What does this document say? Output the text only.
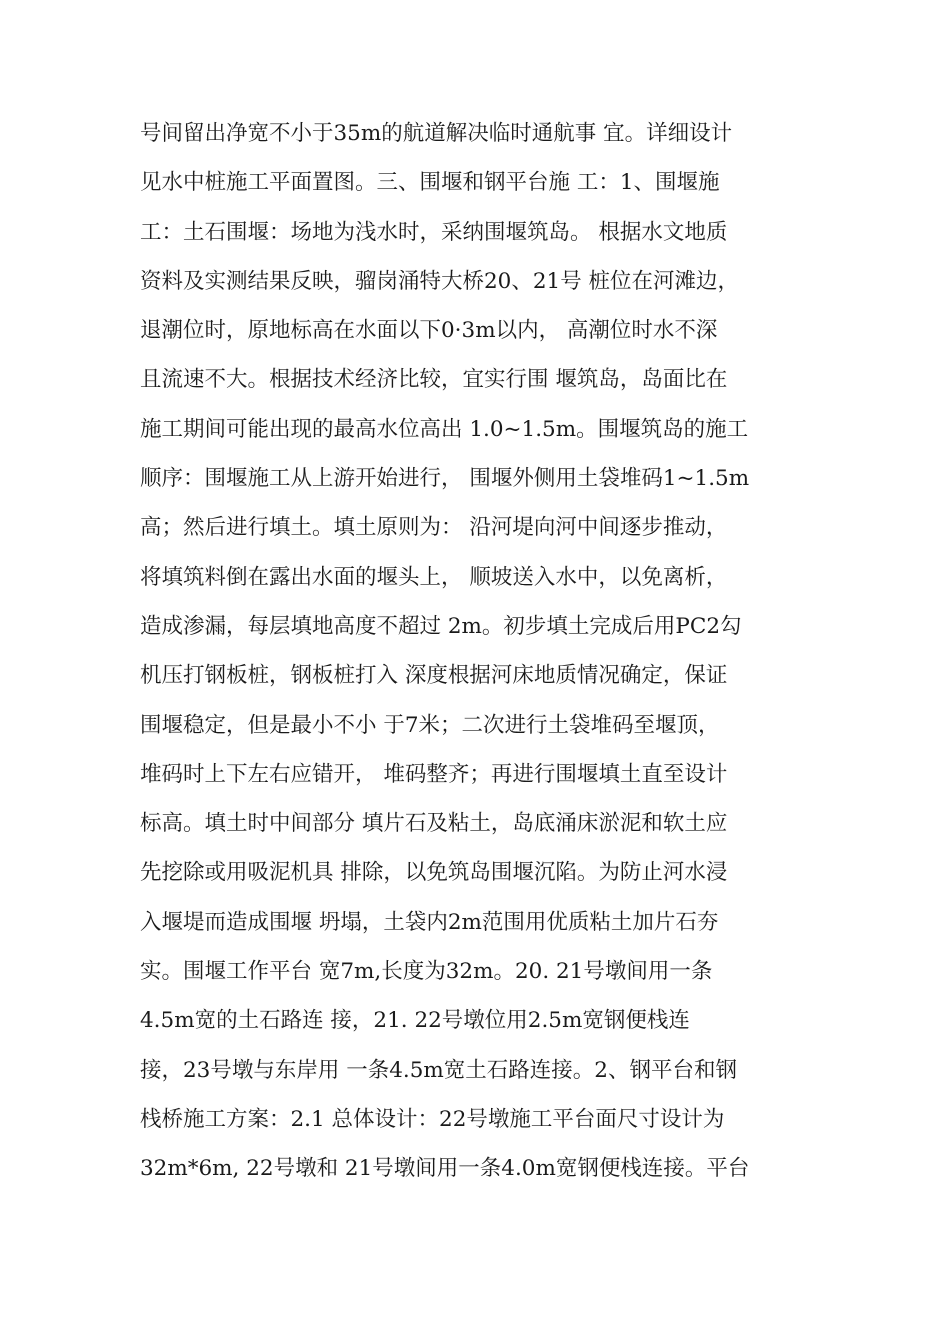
号间留出净宽不小于35m的航道解决临时通航事 宜。详细设计
见水中桩施工平面置图。三、围堰和钢平台施 工：1、围堰施
工：土石围堰：场地为浅水时，采纳围堰筑岛。 根据水文地质
资料及实测结果反映，骝岗涌特大桥20、21号 桩位在河滩边，
退潮位时，原地标高在水面以下0·3m以内， 高潮位时水不深
且流速不大。根据技术经济比较，宜实行围 堰筑岛，岛面比在
施工期间可能出现的最高水位高出 1.0~1.5m。围堰筑岛的施工
顺序：围堰施工从上游开始进行， 围堰外侧用土袋堆码1~1.5m
高；然后进行填土。填土原则为： 沿河堤向河中间逐步推动，
将填筑料倒在露出水面的堰头上， 顺坡送入水中，以免离析，
造成渗漏，每层填地高度不超过 2m。初步填土完成后用PC2勾
机压打钢板桩，钢板桩打入 深度根据河床地质情况确定，保证
围堰稳定，但是最小不小 于7米；二次进行土袋堆码至堰顶，
堆码时上下左右应错开， 堆码整齐；再进行围堰填土直至设计
标高。填土时中间部分 填片石及粘土，岛底涌床淤泥和软土应
先挖除或用吸泥机具 排除，以免筑岛围堰沉陷。为防止河水浸
入堰堤而造成围堰 坍塌，土袋内2m范围用优质粘土加片石夯
实。围堰工作平台 宽7m,长度为32m。20. 21号墩间用一条
4.5m宽的土石路连 接，21. 22号墩位用2.5m宽钢便栈连
接，23号墩与东岸用 一条4.5m宽土石路连接。2、钢平台和钢
栈桥施工方案：2.1 总体设计：22号墩施工平台面尺寸设计为
32m*6m, 22号墩和 21号墩间用一条4.0m宽钢便栈连接。平台
